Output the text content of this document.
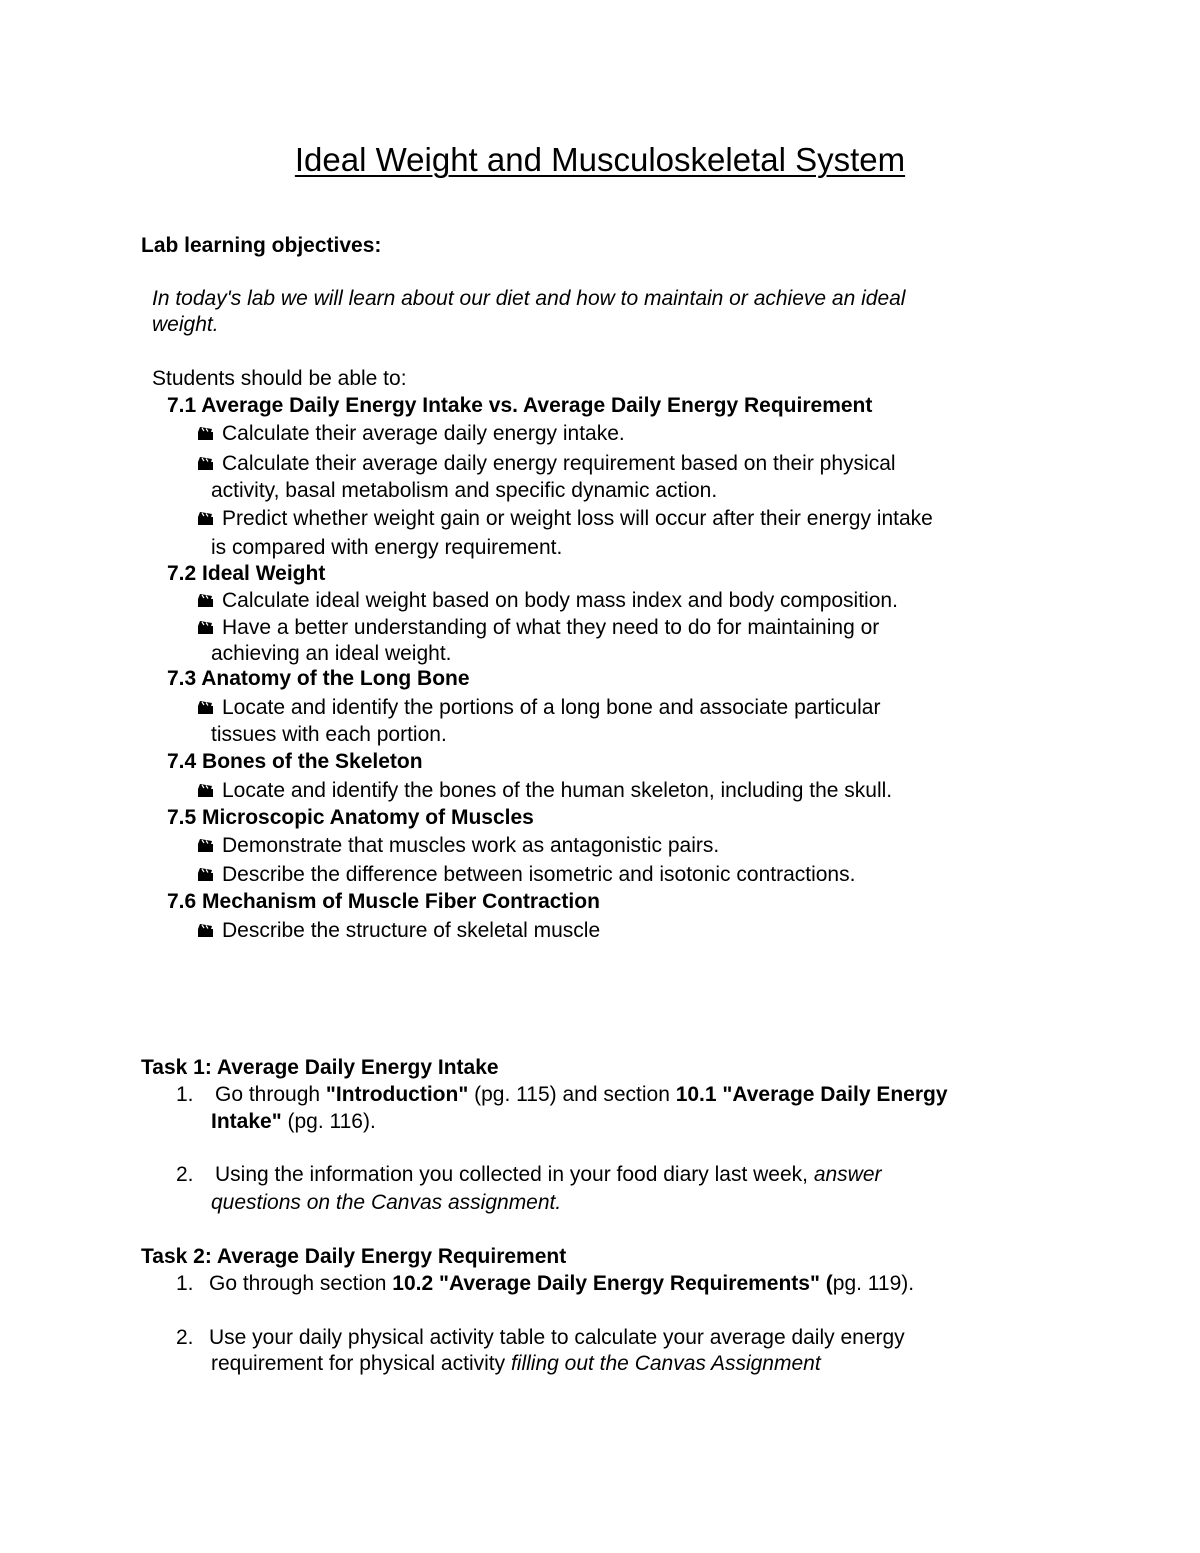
Ideal Weight and Musculoskeletal System
Lab learning objectives:
In today's lab we will learn about our diet and how to maintain or achieve an ideal
weight.
Students should be able to:
7.1 Average Daily Energy Intake vs. Average Daily Energy Requirement
Calculate their average daily energy intake.
Calculate their average daily energy requirement based on their physical
activity, basal metabolism and specific dynamic action.
Predict whether weight gain or weight loss will occur after their energy intake
is compared with energy requirement.
7.2 Ideal Weight
Calculate ideal weight based on body mass index and body composition.
Have a better understanding of what they need to do for maintaining or
achieving an ideal weight.
7.3 Anatomy of the Long Bone
Locate and identify the portions of a long bone and associate particular
tissues with each portion.
7.4 Bones of the Skeleton
Locate and identify the bones of the human skeleton, including the skull.
7.5 Microscopic Anatomy of Muscles
Demonstrate that muscles work as antagonistic pairs.
Describe the difference between isometric and isotonic contractions.
7.6 Mechanism of Muscle Fiber Contraction
Describe the structure of skeletal muscle
Task 1: Average Daily Energy Intake
1. Go through "Introduction" (pg. 115) and section 10.1 "Average Daily Energy
Intake" (pg. 116).
2. Using the information you collected in your food diary last week, answer
questions on the Canvas assignment.
Task 2: Average Daily Energy Requirement
1. Go through section 10.2 "Average Daily Energy Requirements" (pg. 119).
2. Use your daily physical activity table to calculate your average daily energy
requirement for physical activity filling out the Canvas Assignment
